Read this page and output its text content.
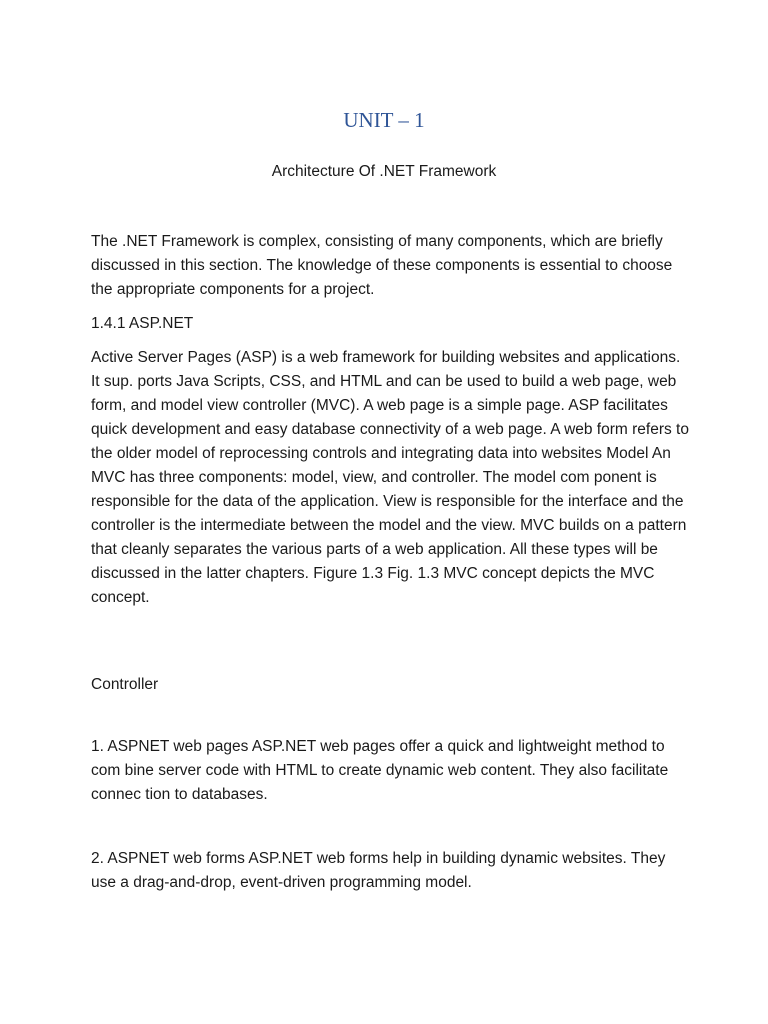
UNIT – 1

Architecture Of .NET Framework

The .NET Framework is complex, consisting of many components, which are briefly discussed in this section. The knowledge of these components is essential to choose the appropriate components for a project.

1.4.1 ASP.NET

Active Server Pages (ASP) is a web framework for building websites and applications. It sup. ports Java Scripts, CSS, and HTML and can be used to build a web page, web form, and model view controller (MVC). A web page is a simple page. ASP facilitates quick development and easy database connectivity of a web page. A web form refers to the older model of reprocessing controls and integrating data into websites Model An MVC has three components: model, view, and controller. The model com ponent is responsible for the data of the application. View is responsible for the interface and the controller is the intermediate between the model and the view. MVC builds on a pattern that cleanly separates the various parts of a web application. All these types will be discussed in the latter chapters. Figure 1.3 Fig. 1.3 MVC concept depicts the MVC concept.

Controller

1. ASPNET web pages ASP.NET web pages offer a quick and lightweight method to com bine server code with HTML to create dynamic web content. They also facilitate connec tion to databases.

2. ASPNET web forms ASP.NET web forms help in building dynamic websites. They use a drag-and-drop, event-driven programming model.
